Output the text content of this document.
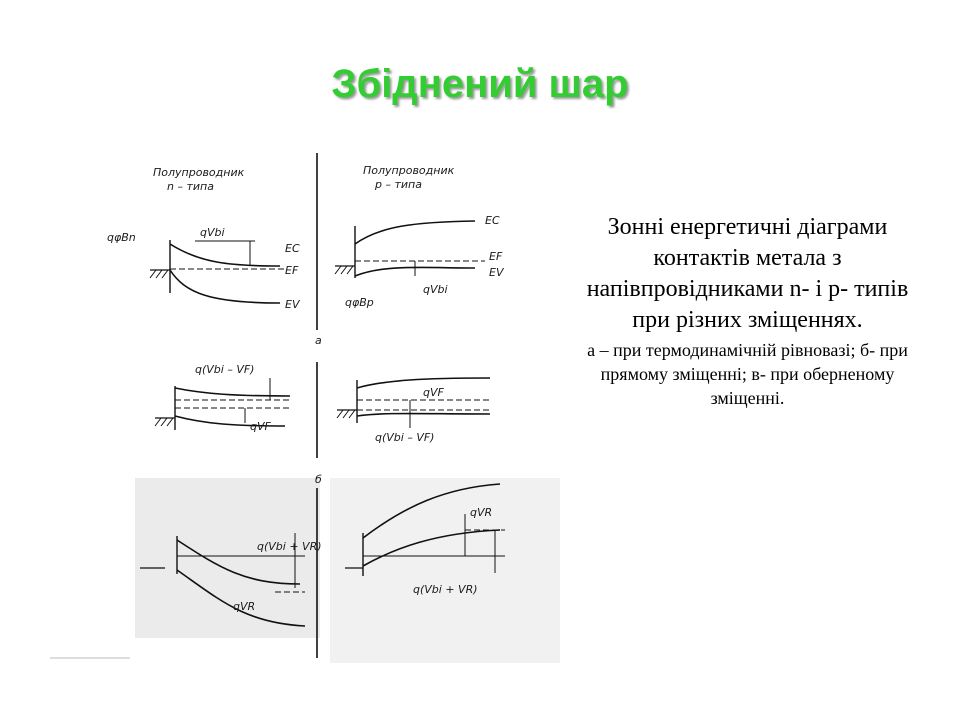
Збіднений шар
Полупроводник
n – типа
qφBn	qVbi
EC
EF
EV
Полупроводник
p – типа
EC
EF
EV
qVbi
qφBp
a
q(Vbi – VF)
qVF
qVF
q(Vbi – VF)
б
q(Vbi + VR)
qVR
qVR
q(Vbi + VR)
Зонні енергетичні діаграми контактів метала з напівпровідниками n- і p- типів при різних зміщеннях.
а – при термодинамічній рівновазі; б- при прямому зміщенні; в- при оберненому зміщенні.
